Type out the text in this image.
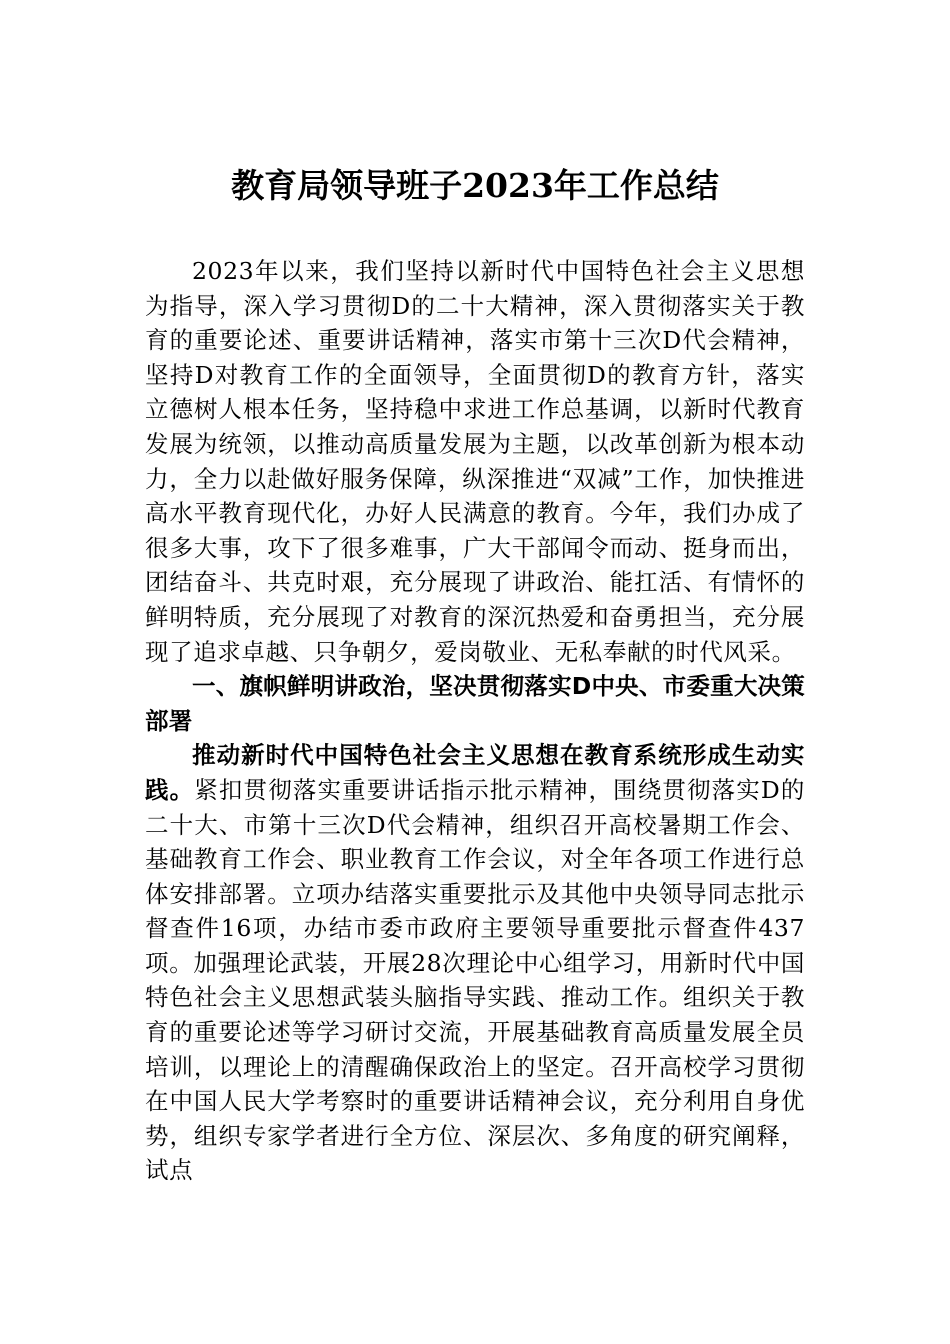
教育局领导班子2023年工作总结

2023年以来，我们坚持以新时代中国特色社会主义思想为指导，深入学习贯彻D的二十大精神，深入贯彻落实关于教育的重要论述、重要讲话精神，落实市第十三次D代会精神，坚持D对教育工作的全面领导，全面贯彻D的教育方针，落实立德树人根本任务，坚持稳中求进工作总基调，以新时代教育发展为统领，以推动高质量发展为主题，以改革创新为根本动力，全力以赴做好服务保障，纵深推进“双减”工作，加快推进高水平教育现代化，办好人民满意的教育。今年，我们办成了很多大事，攻下了很多难事，广大干部闻令而动、挺身而出，团结奋斗、共克时艰，充分展现了讲政治、能扛活、有情怀的鲜明特质，充分展现了对教育的深沉热爱和奋勇担当，充分展现了追求卓越、只争朝夕，爱岗敬业、无私奉献的时代风采。

一、旗帜鲜明讲政治，坚决贯彻落实D中央、市委重大决策部署

推动新时代中国特色社会主义思想在教育系统形成生动实践。紧扣贯彻落实重要讲话指示批示精神，围绕贯彻落实D的二十大、市第十三次D代会精神，组织召开高校暑期工作会、基础教育工作会、职业教育工作会议，对全年各项工作进行总体安排部署。立项办结落实重要批示及其他中央领导同志批示督查件16项，办结市委市政府主要领导重要批示督查件437项。加强理论武装，开展28次理论中心组学习，用新时代中国特色社会主义思想武装头脑指导实践、推动工作。组织关于教育的重要论述等学习研讨交流，开展基础教育高质量发展全员培训，以理论上的清醒确保政治上的坚定。召开高校学习贯彻在中国人民大学考察时的重要讲话精神会议，充分利用自身优势，组织专家学者进行全方位、深层次、多角度的研究阐释，试点
